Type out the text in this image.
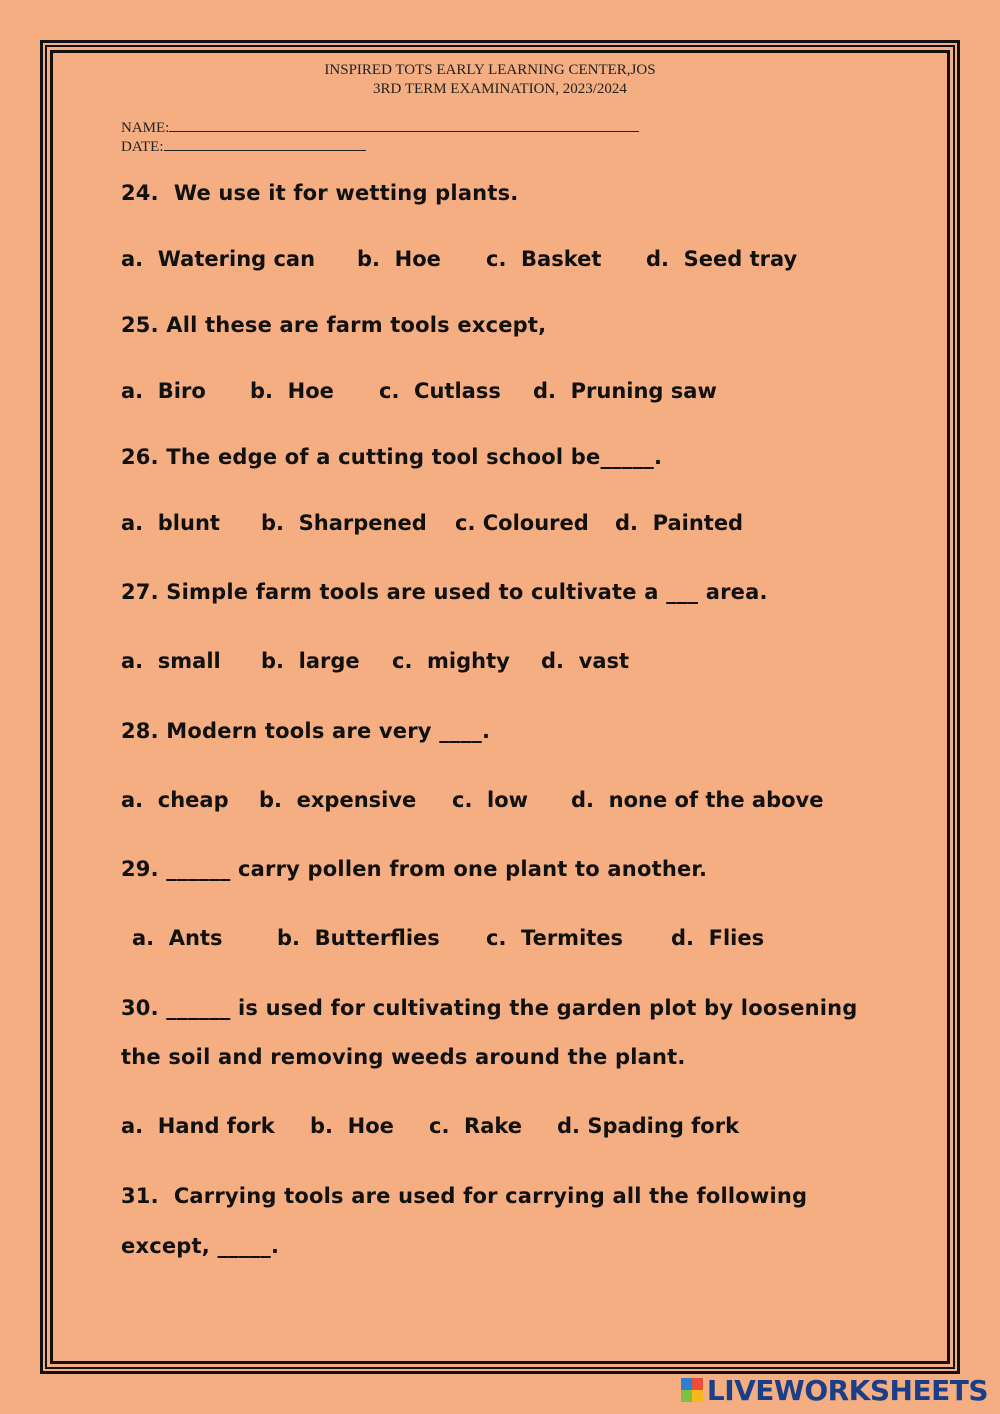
INSPIRED TOTS EARLY LEARNING CENTER,JOS
3RD TERM EXAMINATION, 2023/2024
NAME:
DATE:
24.  We use it for wetting plants.

a.  Watering can

b.  Hoe

c.  Basket

d.  Seed tray

25. All these are farm tools except,

a.  Biro

b.  Hoe

c.  Cutlass

d.  Pruning saw

26. The edge of a cutting tool school be_____.

a.  blunt

b.  Sharpened

c. Coloured

d.  Painted

27. Simple farm tools are used to cultivate a ___ area.

a.  small

b.  large

c.  mighty

d.  vast

28. Modern tools are very ____.

a.  cheap

b.  expensive

c.  low

d.  none of the above

29. ______ carry pollen from one plant to another.

a.  Ants

	b.  Butterflies

c.  Termites

d.  Flies

30. ______ is used for cultivating the garden plot by loosening
the soil and removing weeds around the plant.

a.  Hand fork

b.  Hoe

c.  Rake

d. Spading fork

31.  Carrying tools are used for carrying all the following
except, _____.
LIVEWORKSHEETS
